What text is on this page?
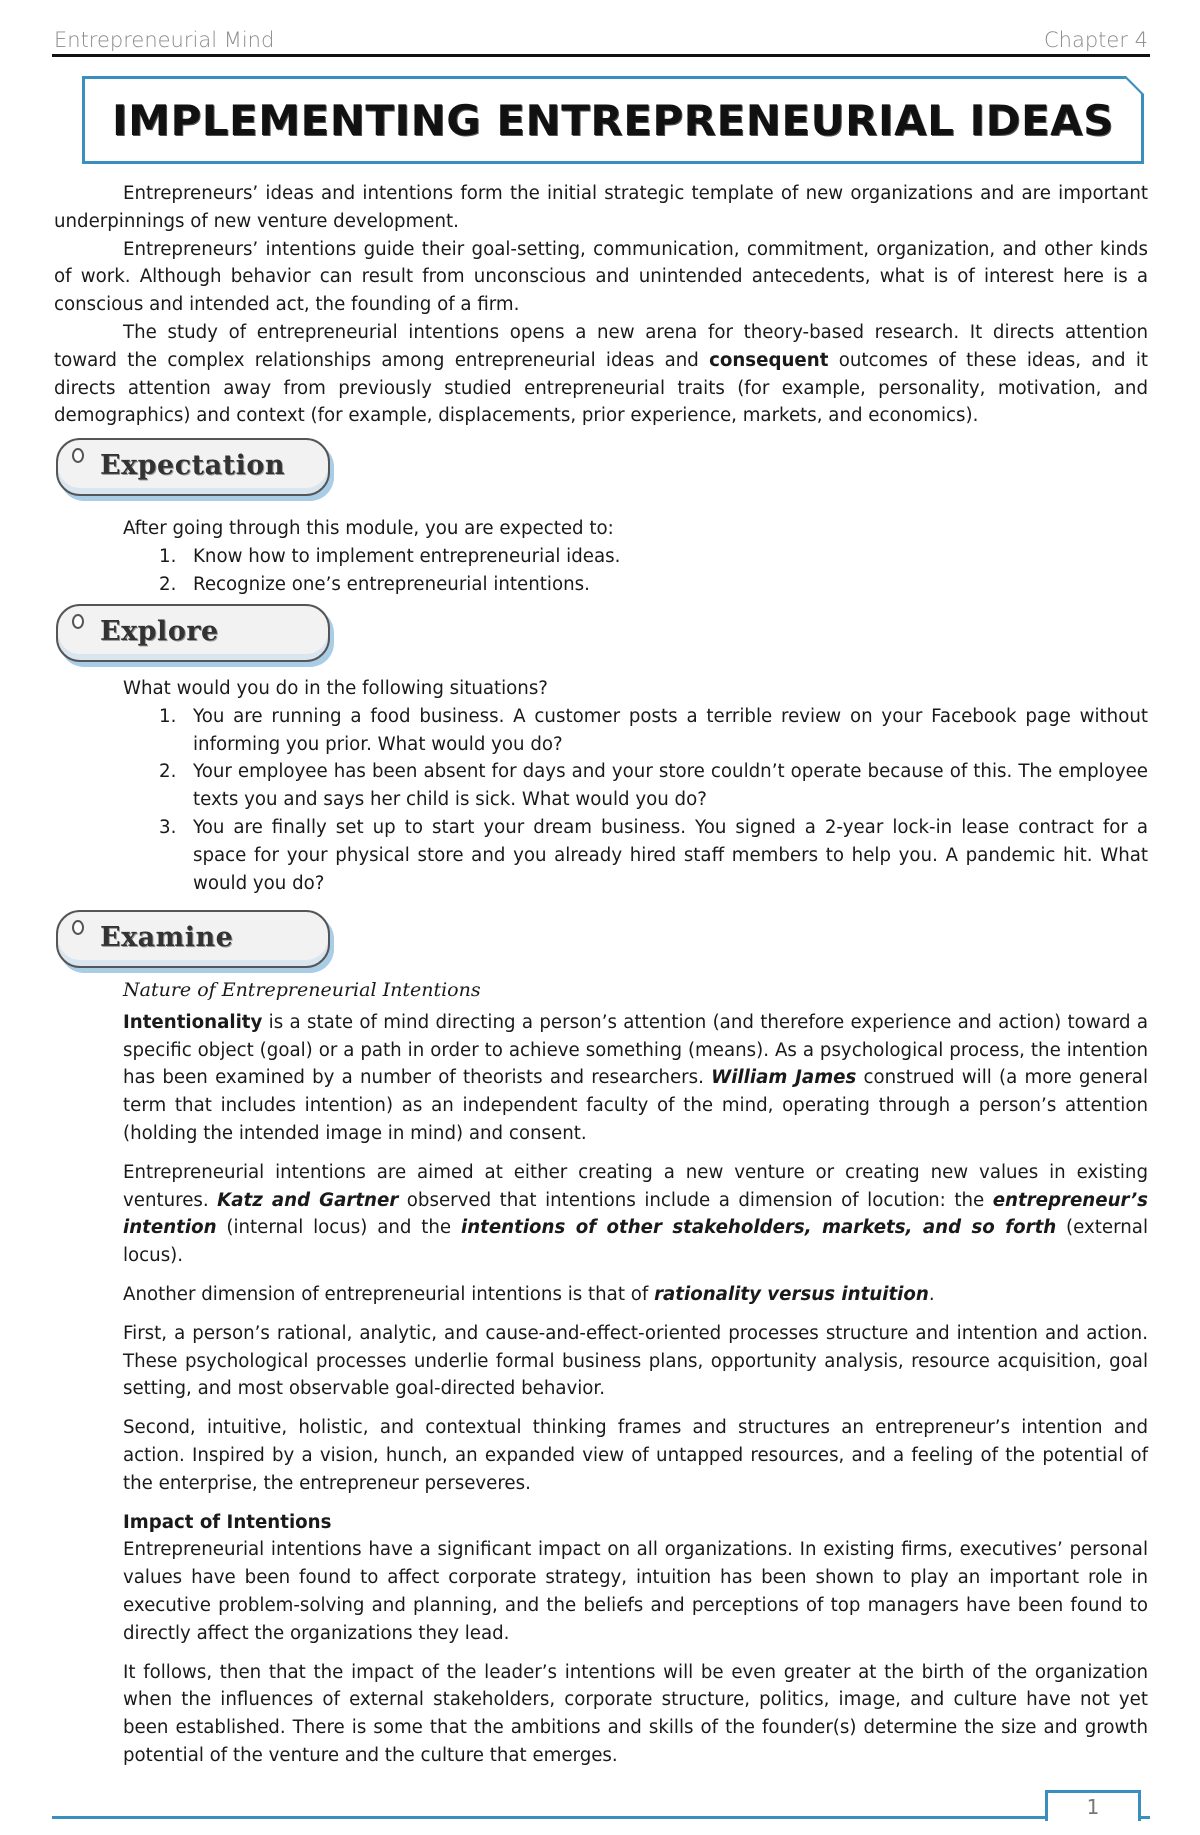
Entrepreneurial Mind	Chapter 4
IMPLEMENTING ENTREPRENEURIAL IDEAS

Entrepreneurs’ ideas and intentions form the initial strategic template of new organizations and are important underpinnings of new venture development.

Entrepreneurs’ intentions guide their goal-setting, communication, commitment, organization, and other kinds of work. Although behavior can result from unconscious and unintended antecedents, what is of interest here is a conscious and intended act, the founding of a firm.

The study of entrepreneurial intentions opens a new arena for theory-based research. It directs attention toward the complex relationships among entrepreneurial ideas and consequent outcomes of these ideas, and it directs attention away from previously studied entrepreneurial traits (for example, personality, motivation, and demographics) and context (for example, displacements, prior experience, markets, and economics).

Expectation

After going through this module, you are expected to:

1. Know how to implement entrepreneurial ideas.
2. Recognize one’s entrepreneurial intentions.
Explore

What would you do in the following situations?

1. You are running a food business. A customer posts a terrible review on your Facebook page without informing you prior. What would you do?
2. Your employee has been absent for days and your store couldn’t operate because of this. The employee texts you and says her child is sick. What would you do?
3. You are finally set up to start your dream business. You signed a 2-year lock-in lease contract for a space for your physical store and you already hired staff members to help you. A pandemic hit. What would you do?
Examine

Nature of Entrepreneurial Intentions

Intentionality is a state of mind directing a person’s attention (and therefore experience and action) toward a specific object (goal) or a path in order to achieve something (means). As a psychological process, the intention has been examined by a number of theorists and researchers. William James construed will (a more general term that includes intention) as an independent faculty of the mind, operating through a person’s attention (holding the intended image in mind) and consent.

Entrepreneurial intentions are aimed at either creating a new venture or creating new values in existing ventures. Katz and Gartner observed that intentions include a dimension of locution: the entrepreneur’s intention (internal locus) and the intentions of other stakeholders, markets, and so forth (external locus).

Another dimension of entrepreneurial intentions is that of rationality versus intuition.

First, a person’s rational, analytic, and cause-and-effect-oriented processes structure and intention and action. These psychological processes underlie formal business plans, opportunity analysis, resource acquisition, goal setting, and most observable goal-directed behavior.

Second, intuitive, holistic, and contextual thinking frames and structures an entrepreneur’s intention and action. Inspired by a vision, hunch, an expanded view of untapped resources, and a feeling of the potential of the enterprise, the entrepreneur perseveres.

Impact of Intentions

Entrepreneurial intentions have a significant impact on all organizations. In existing firms, executives’ personal values have been found to affect corporate strategy, intuition has been shown to play an important role in executive problem-solving and planning, and the beliefs and perceptions of top managers have been found to directly affect the organizations they lead.

It follows, then that the impact of the leader’s intentions will be even greater at the birth of the organization when the influences of external stakeholders, corporate structure, politics, image, and culture have not yet been established. There is some that the ambitions and skills of the founder(s) determine the size and growth potential of the venture and the culture that emerges.

1
